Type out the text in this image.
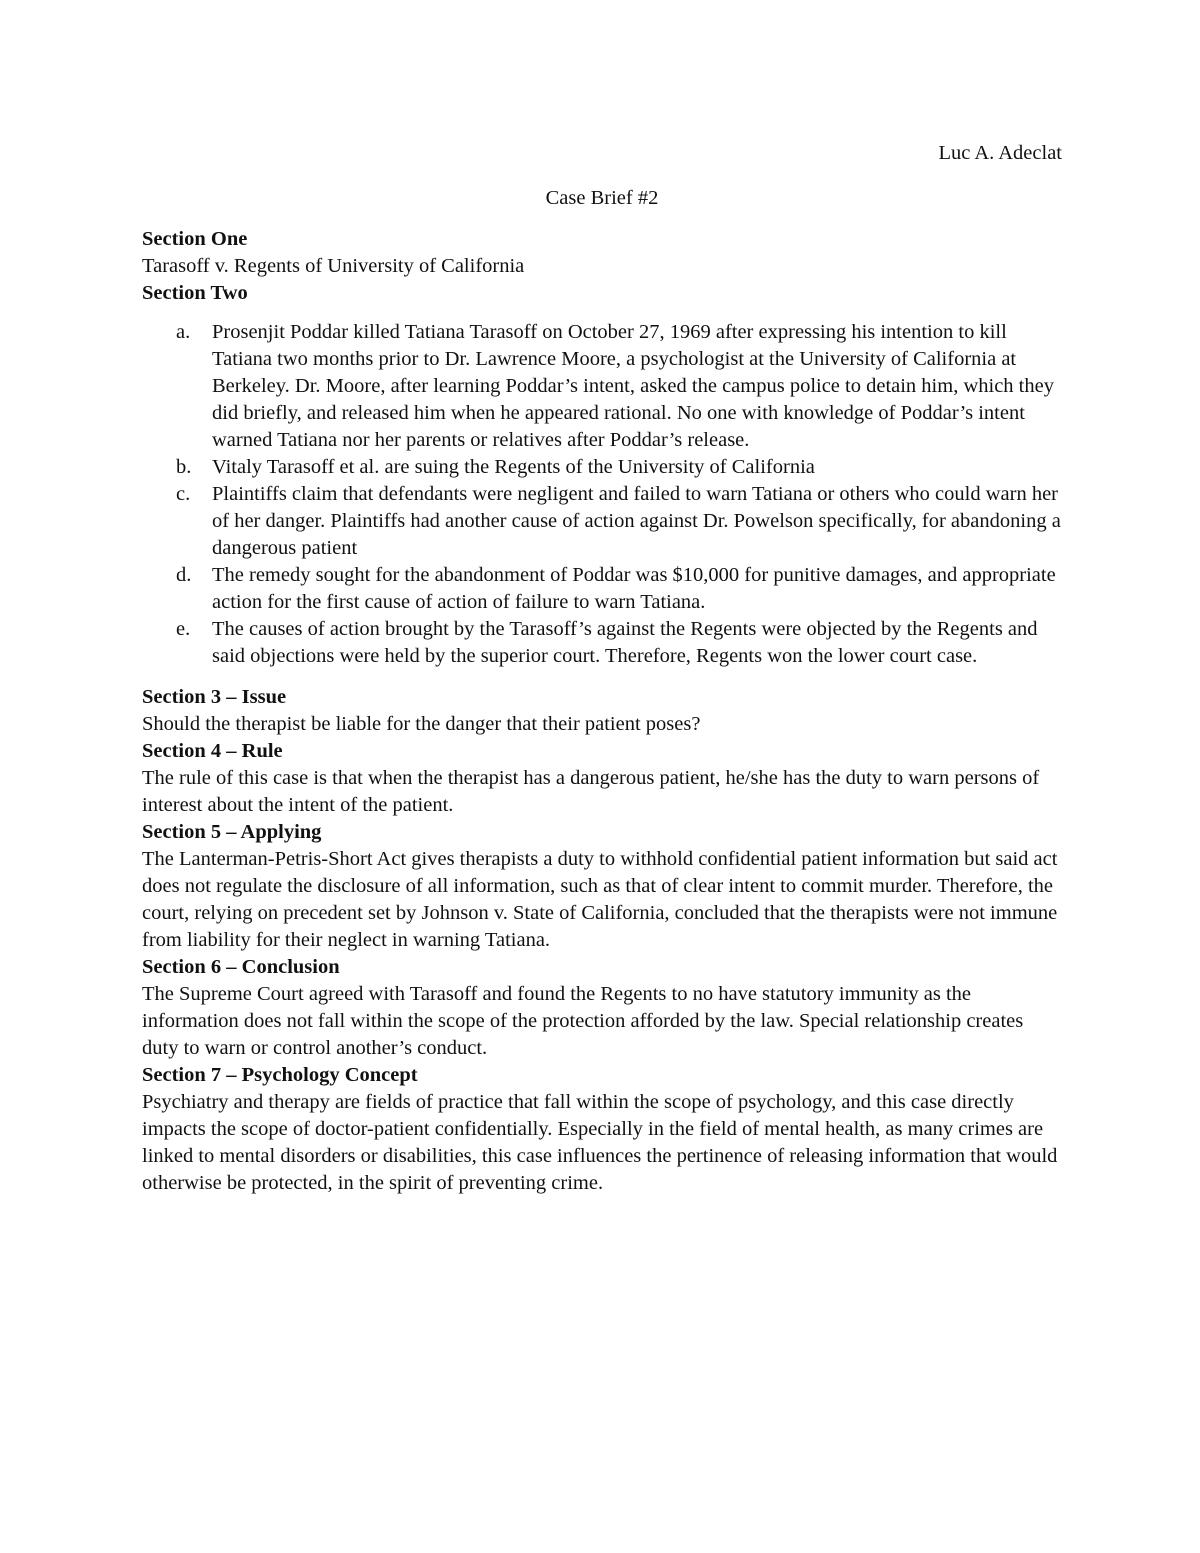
Luc A. Adeclat

Case Brief #2

Section One

Tarasoff v. Regents of University of California

Section Two

a. Prosenjit Poddar killed Tatiana Tarasoff on October 27, 1969 after expressing his intention to kill Tatiana two months prior to Dr. Lawrence Moore, a psychologist at the University of California at Berkeley. Dr. Moore, after learning Poddar’s intent, asked the campus police to detain him, which they did briefly, and released him when he appeared rational. No one with knowledge of Poddar’s intent warned Tatiana nor her parents or relatives after Poddar’s release.
b. Vitaly Tarasoff et al. are suing the Regents of the University of California
c. Plaintiffs claim that defendants were negligent and failed to warn Tatiana or others who could warn her of her danger. Plaintiffs had another cause of action against Dr. Powelson specifically, for abandoning a dangerous patient
d. The remedy sought for the abandonment of Poddar was $10,000 for punitive damages, and appropriate action for the first cause of action of failure to warn Tatiana.
e. The causes of action brought by the Tarasoff’s against the Regents were objected by the Regents and said objections were held by the superior court. Therefore, Regents won the lower court case.

Section 3 – Issue

Should the therapist be liable for the danger that their patient poses?

Section 4 – Rule

The rule of this case is that when the therapist has a dangerous patient, he/she has the duty to warn persons of interest about the intent of the patient.

Section 5 – Applying

The Lanterman-Petris-Short Act gives therapists a duty to withhold confidential patient information but said act does not regulate the disclosure of all information, such as that of clear intent to commit murder. Therefore, the court, relying on precedent set by Johnson v. State of California, concluded that the therapists were not immune from liability for their neglect in warning Tatiana.

Section 6 – Conclusion

The Supreme Court agreed with Tarasoff and found the Regents to no have statutory immunity as the information does not fall within the scope of the protection afforded by the law. Special relationship creates duty to warn or control another’s conduct.

Section 7 – Psychology Concept

Psychiatry and therapy are fields of practice that fall within the scope of psychology, and this case directly impacts the scope of doctor-patient confidentially. Especially in the field of mental health, as many crimes are linked to mental disorders or disabilities, this case influences the pertinence of releasing information that would otherwise be protected, in the spirit of preventing crime.
